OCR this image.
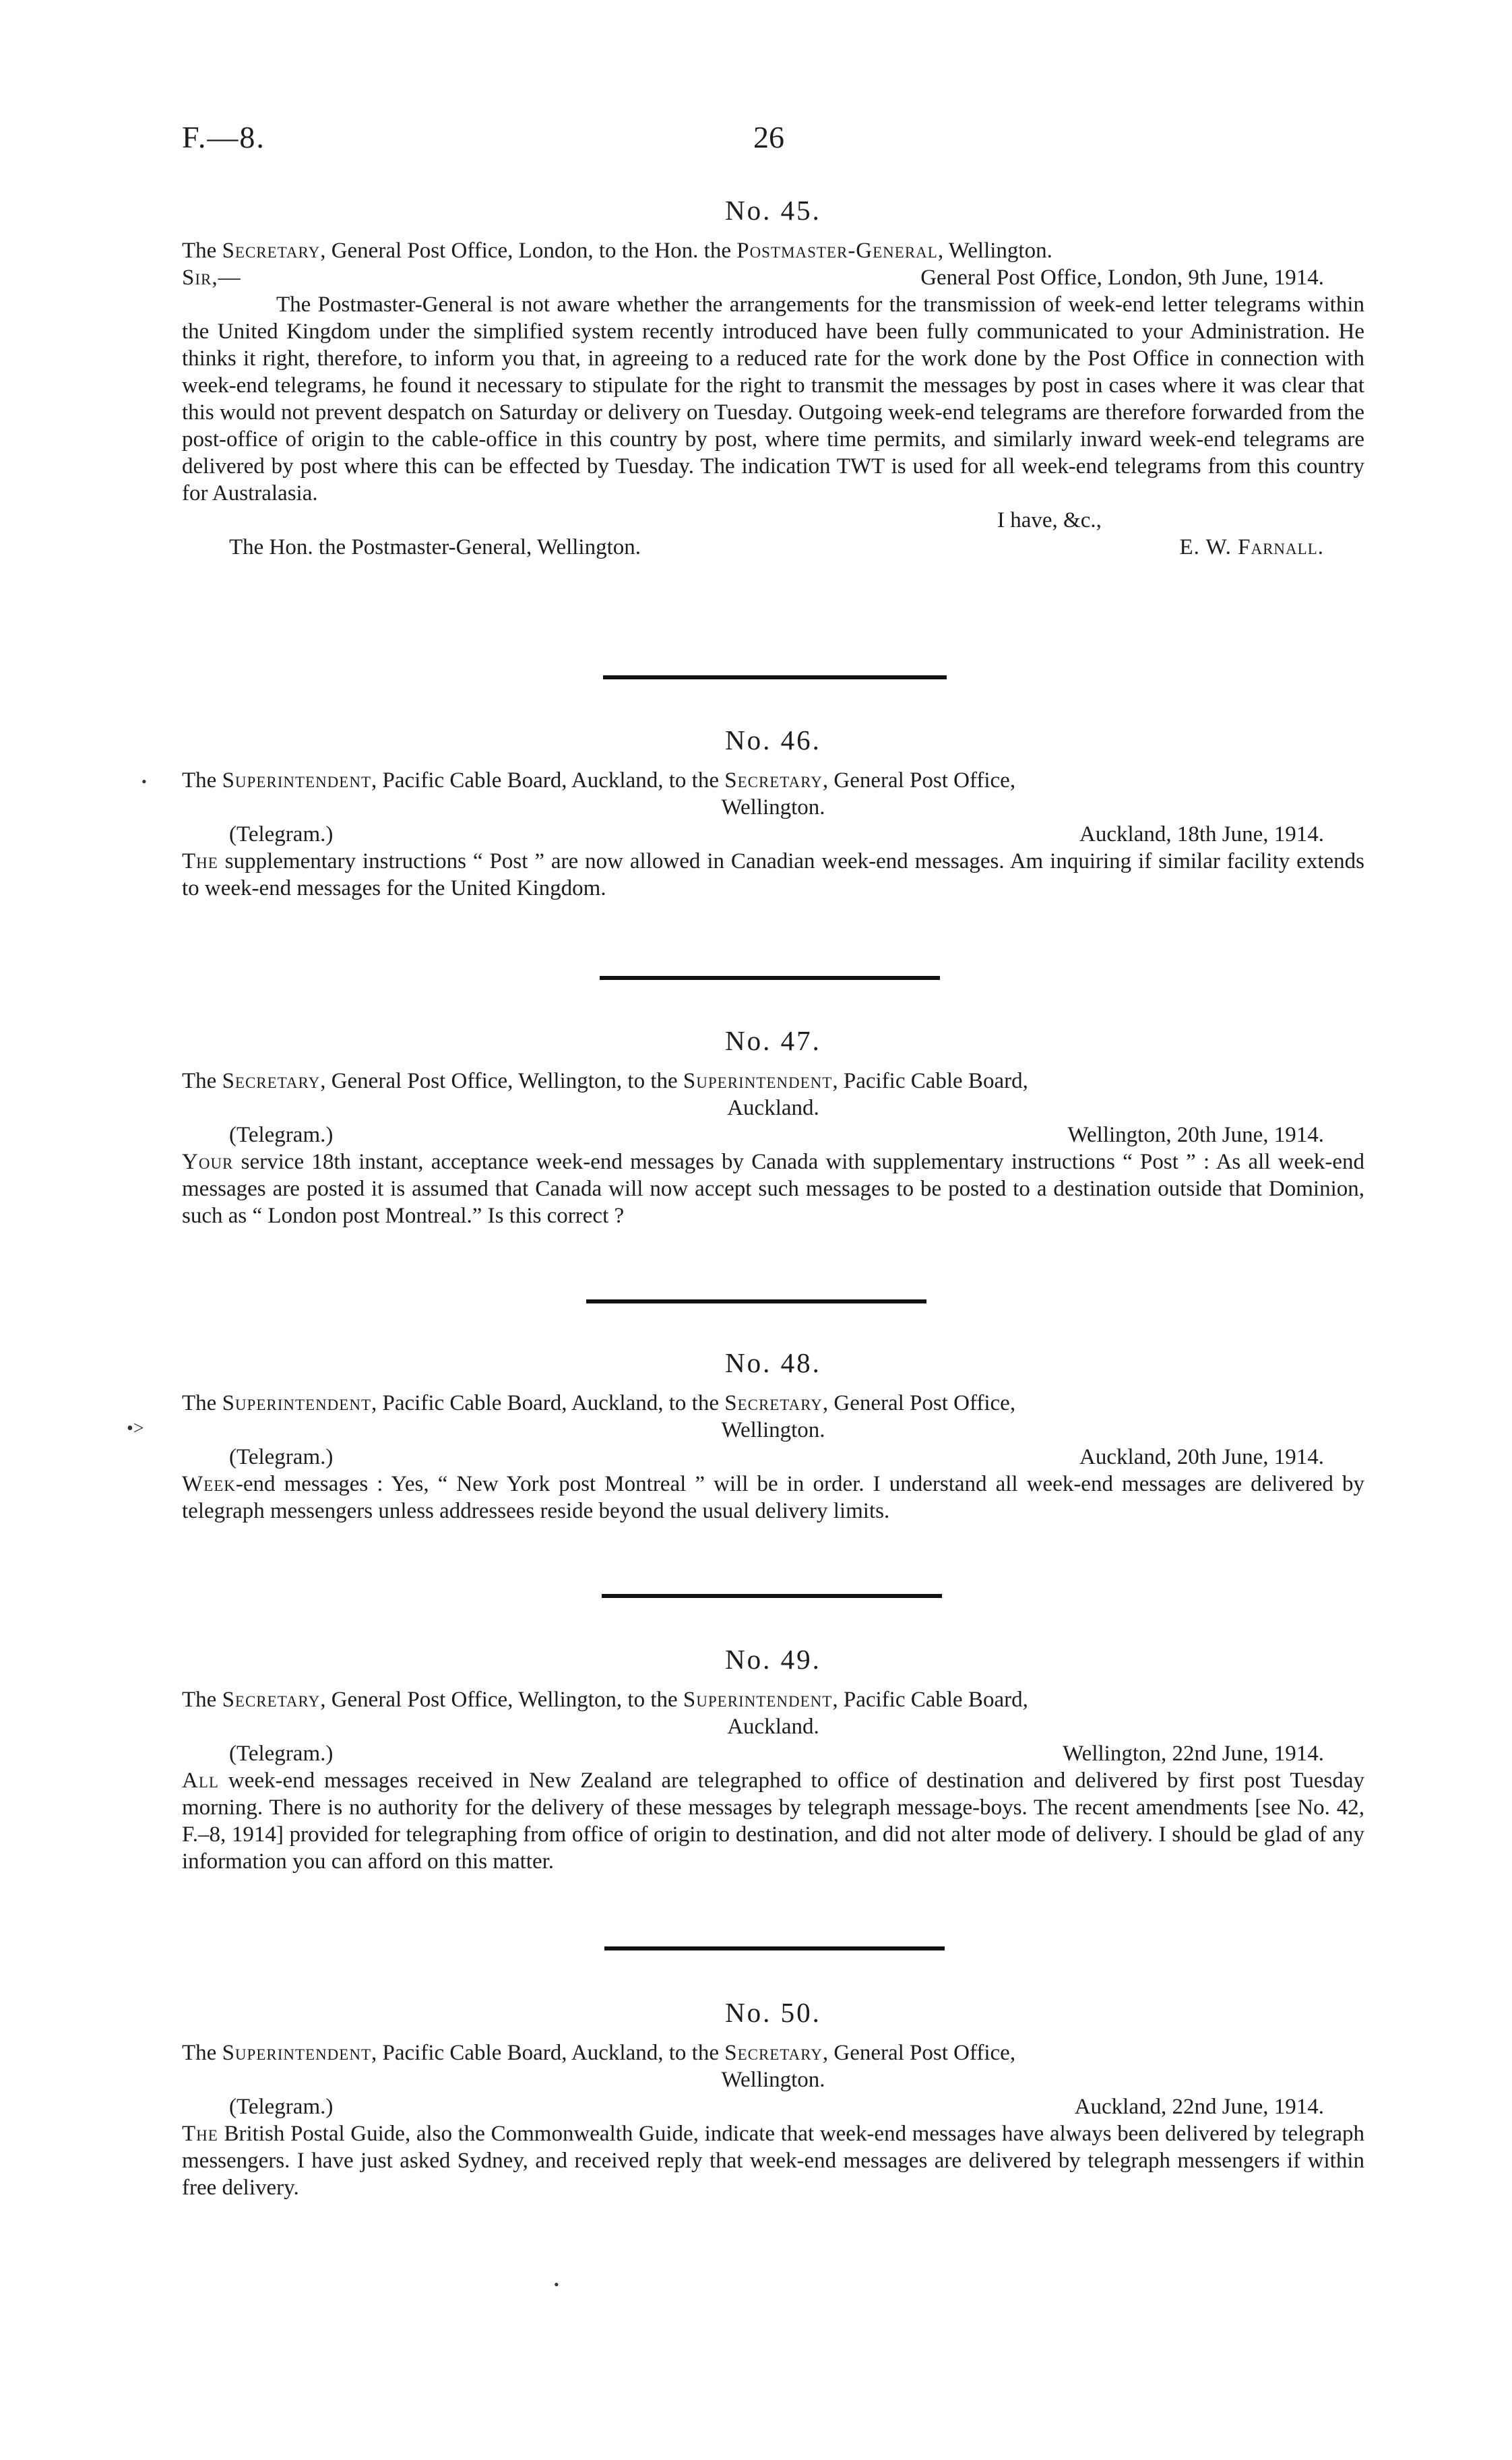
F.—8.	26
No. 45.
The Secretary, General Post Office, London, to the Hon. the Postmaster-General, Wellington.
Sir,—	General Post Office, London, 9th June, 1914.

The Postmaster-General is not aware whether the arrangements for the transmission of week-end letter telegrams within the United Kingdom under the simplified system recently introduced have been fully communicated to your Administration. He thinks it right, therefore, to inform you that, in agreeing to a reduced rate for the work done by the Post Office in connection with week-end telegrams, he found it necessary to stipulate for the right to transmit the messages by post in cases where it was clear that this would not prevent despatch on Saturday or delivery on Tuesday. Outgoing week-end telegrams are therefore forwarded from the post-office of origin to the cable-office in this country by post, where time permits, and similarly inward week-end telegrams are delivered by post where this can be effected by Tuesday. The indication TWT is used for all week-end telegrams from this country for Australasia.

I have, &c.,
The Hon. the Postmaster-General, Wellington.	E. W. Farnall.
No. 46.
The Superintendent, Pacific Cable Board, Auckland, to the Secretary, General Post Office,
Wellington.
(Telegram.)	Auckland, 18th June, 1914.

The supplementary instructions “ Post ” are now allowed in Canadian week-end messages. Am inquiring if similar facility extends to week-end messages for the United Kingdom.

No. 47.
The Secretary, General Post Office, Wellington, to the Superintendent, Pacific Cable Board,
Auckland.
(Telegram.)	Wellington, 20th June, 1914.

Your service 18th instant, acceptance week-end messages by Canada with supplementary instructions “ Post ” : As all week-end messages are posted it is assumed that Canada will now accept such messages to be posted to a destination outside that Dominion, such as “ London post Montreal.” Is this correct ?

No. 48.
The Superintendent, Pacific Cable Board, Auckland, to the Secretary, General Post Office,
Wellington.
(Telegram.)	Auckland, 20th June, 1914.

Week-end messages : Yes, “ New York post Montreal ” will be in order. I understand all week-end messages are delivered by telegraph messengers unless addressees reside beyond the usual delivery limits.

No. 49.
The Secretary, General Post Office, Wellington, to the Superintendent, Pacific Cable Board,
Auckland.
(Telegram.)	Wellington, 22nd June, 1914.

All week-end messages received in New Zealand are telegraphed to office of destination and delivered by first post Tuesday morning. There is no authority for the delivery of these messages by telegraph message-boys. The recent amendments [see No. 42, F.–8, 1914] provided for telegraphing from office of origin to destination, and did not alter mode of delivery. I should be glad of any information you can afford on this matter.

No. 50.
The Superintendent, Pacific Cable Board, Auckland, to the Secretary, General Post Office,
Wellington.
(Telegram.)	Auckland, 22nd June, 1914.

The British Postal Guide, also the Commonwealth Guide, indicate that week-end messages have always been delivered by telegraph messengers. I have just asked Sydney, and received reply that week-end messages are delivered by telegraph messengers if within free delivery.

•
•˃
•
